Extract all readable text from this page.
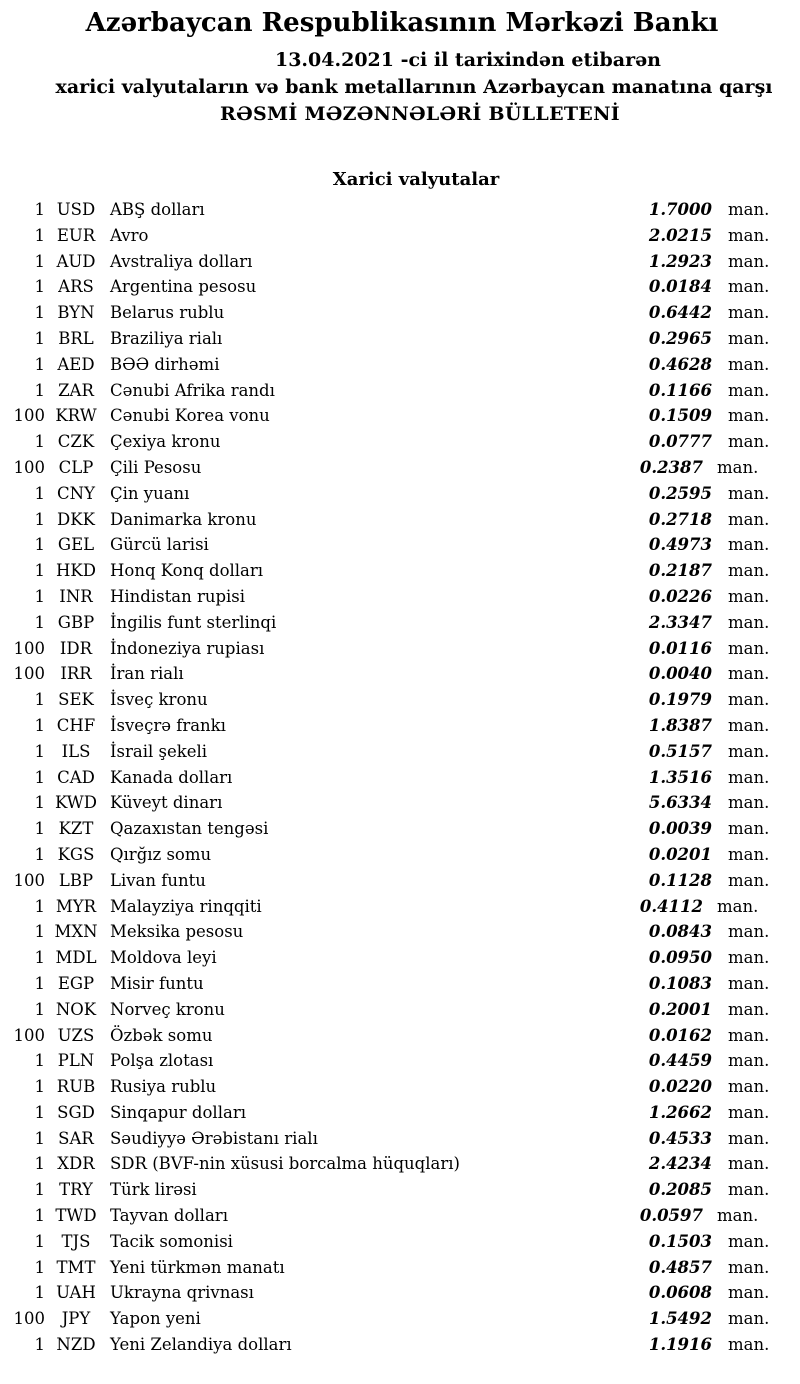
Azərbaycan Respublikasının Mərkəzi Bankı
13.04.2021 -ci il tarixindən etibarən
xarici valyutaların və bank metallarının Azərbaycan manatına qarşı
RƏSMİ MƏZƏNNƏLƏRİ BÜLLETENİ
Xarici valyutalar
1 USD ABŞ dolları	1.7000 man.
1 EUR Avro	2.0215 man.
1 AUD Avstraliya dolları	1.2923 man.
1 ARS Argentina pesosu	0.0184 man.
1 BYN Belarus rublu	0.6442 man.
1 BRL Braziliya rialı	0.2965 man.
1 AED BƏƏ dirhəmi	0.4628 man.
1 ZAR Cənubi Afrika randı	0.1166 man.
100 KRW Cənubi Korea vonu	0.1509 man.
1 CZK Çexiya kronu	0.0777 man.
100 CLP	Çili Pesosu	0.2387 man.
1 CNY Çin yuanı	0.2595 man.
1 DKK Danimarka kronu	0.2718 man.
1 GEL Gürcü larisi	0.4973 man.
1 HKD Honq Konq dolları	0.2187 man.
1 INR	Hindistan rupisi	0.0226 man.
1 GBP İngilis funt sterlinqi	2.3347 man.
100 IDR	İndoneziya rupiası	0.0116 man.
100 IRR	İran rialı	0.0040 man.
1 SEK İsveç kronu	0.1979 man.
1 CHF İsveçrə frankı	1.8387 man.
1	ILS	İsrail şekeli	0.5157 man.
1 CAD Kanada dolları	1.3516 man.
1 KWD Küveyt dinarı	5.6334 man.
1 KZT	Qazaxıstan tengəsi	0.0039 man.
1 KGS Qırğız somu	0.0201 man.
100 LBP	Livan funtu	0.1128 man.
1 MYR Malayziya rinqqiti	0.4112 man.
1 MXN Meksika pesosu	0.0843 man.
1 MDL Moldova leyi	0.0950 man.
1 EGP Misir funtu	0.1083 man.
1 NOK Norveç kronu	0.2001 man.
100 UZS Özbək somu	0.0162 man.
1 PLN Polşa zlotası	0.4459 man.
1 RUB Rusiya rublu	0.0220 man.
1 SGD Sinqapur dolları	1.2662 man.
1 SAR Səudiyyə Ərəbistanı rialı	0.4533 man.
1 XDR SDR (BVF-nin xüsusi borcalma hüquqları)	2.4234 man.
1 TRY	Türk lirəsi	0.2085 man.
1 TWD Tayvan dolları	0.0597 man.
1	TJS	Tacik somonisi	0.1503 man.
1 TMT Yeni türkmən manatı	0.4857 man.
1 UAH Ukrayna qrivnası	0.0608 man.
100	JPY	Yapon yeni	1.5492 man.
1 NZD Yeni Zelandiya dolları	1.1916 man.
